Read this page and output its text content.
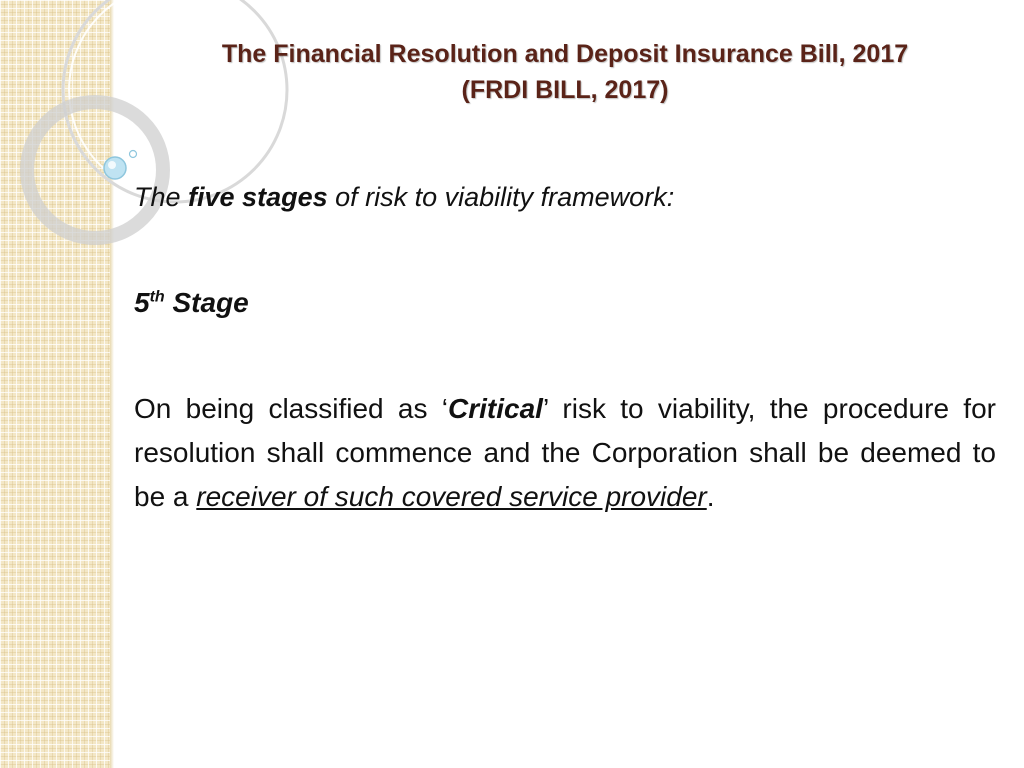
The Financial Resolution and Deposit Insurance Bill, 2017
(FRDI BILL, 2017)

The five stages of risk to viability framework:

5th Stage
On being classified as ‘Critical’ risk to viability, the procedure for resolution shall commence and the Corporation shall be deemed to be a receiver of such covered service provider.
